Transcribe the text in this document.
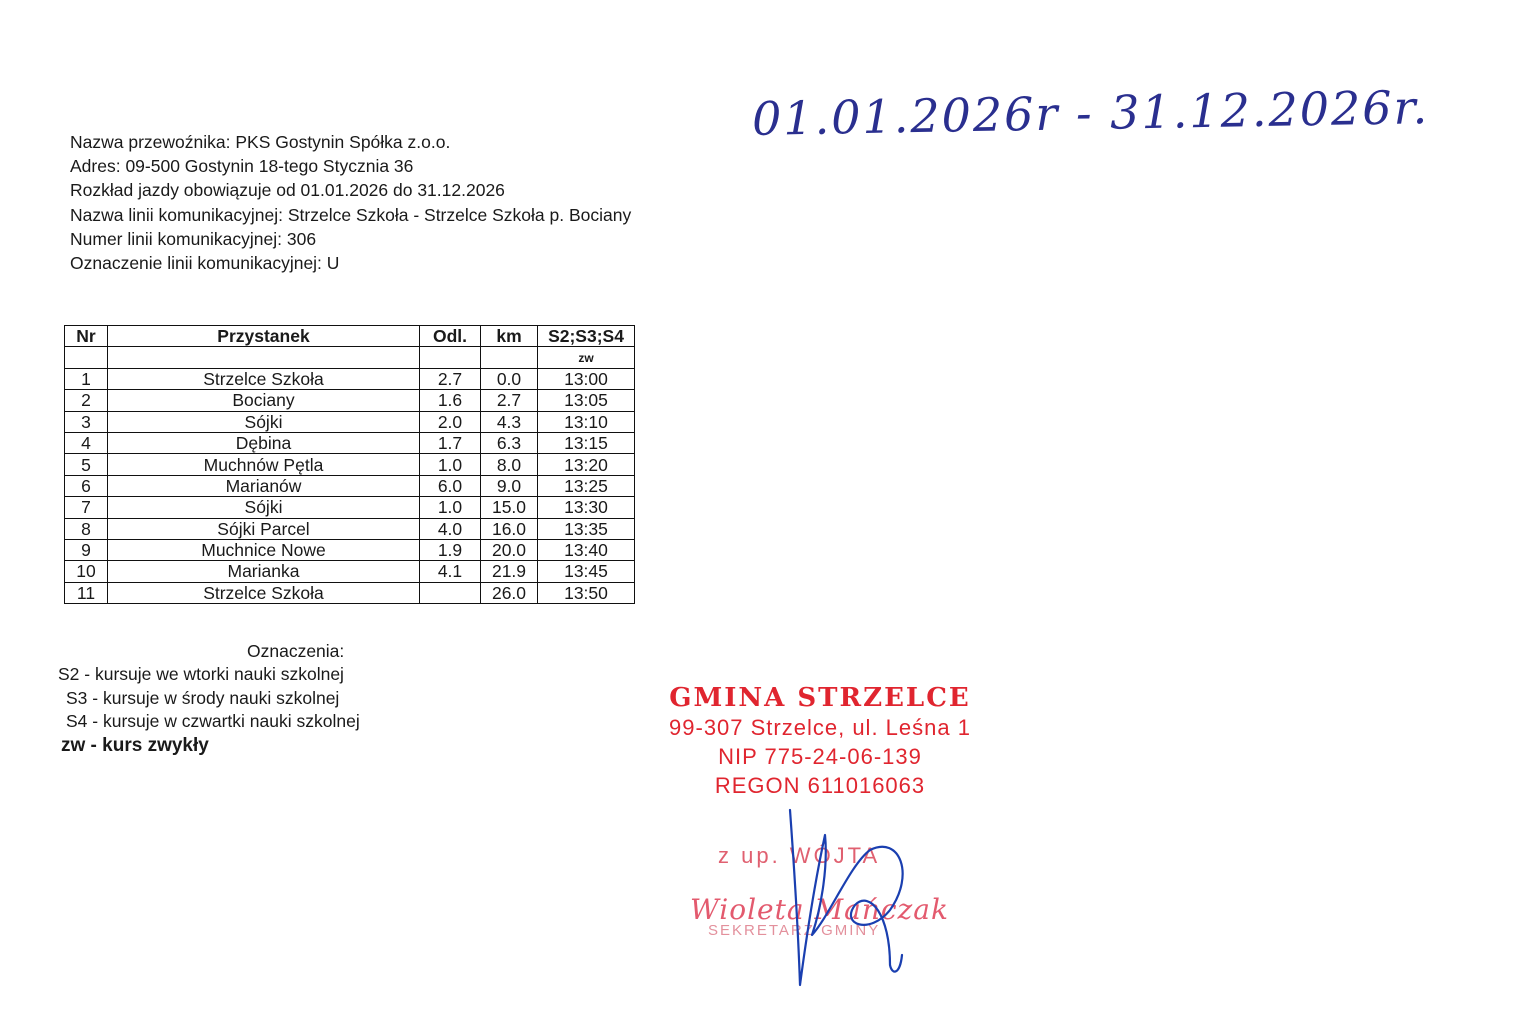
01.01.2026r - 31.12.2026r.
Nazwa przewoźnika: PKS Gostynin Spółka z.o.o.
Adres: 09-500 Gostynin 18-tego Stycznia 36
Rozkład jazdy obowiązuje od 01.01.2026 do 31.12.2026
Nazwa linii komunikacyjnej: Strzelce Szkoła - Strzelce Szkoła p. Bociany
Numer linii komunikacyjnej: 306
Oznaczenie linii komunikacyjnej: U
Nr	Przystanek	Odl.	km	S2;S3;S4
				zw
1	Strzelce Szkoła	2.7	0.0	13:00
2	Bociany	1.6	2.7	13:05
3	Sójki	2.0	4.3	13:10
4	Dębina	1.7	6.3	13:15
5	Muchnów Pętla	1.0	8.0	13:20
6	Marianów	6.0	9.0	13:25
7	Sójki	1.0	15.0	13:30
8	Sójki Parcel	4.0	16.0	13:35
9	Muchnice Nowe	1.9	20.0	13:40
10	Marianka	4.1	21.9	13:45
11	Strzelce Szkoła		26.0	13:50
Oznaczenia:
S2 - kursuje we wtorki nauki szkolnej
S3 - kursuje w środy nauki szkolnej
S4 - kursuje w czwartki nauki szkolnej
zw - kurs zwykły
GMINA STRZELCE
99-307 Strzelce, ul. Leśna 1
NIP 775-24-06-139
REGON 611016063
z up. WÓJTA
Wioleta Mańczak
SEKRETARZ GMINY
